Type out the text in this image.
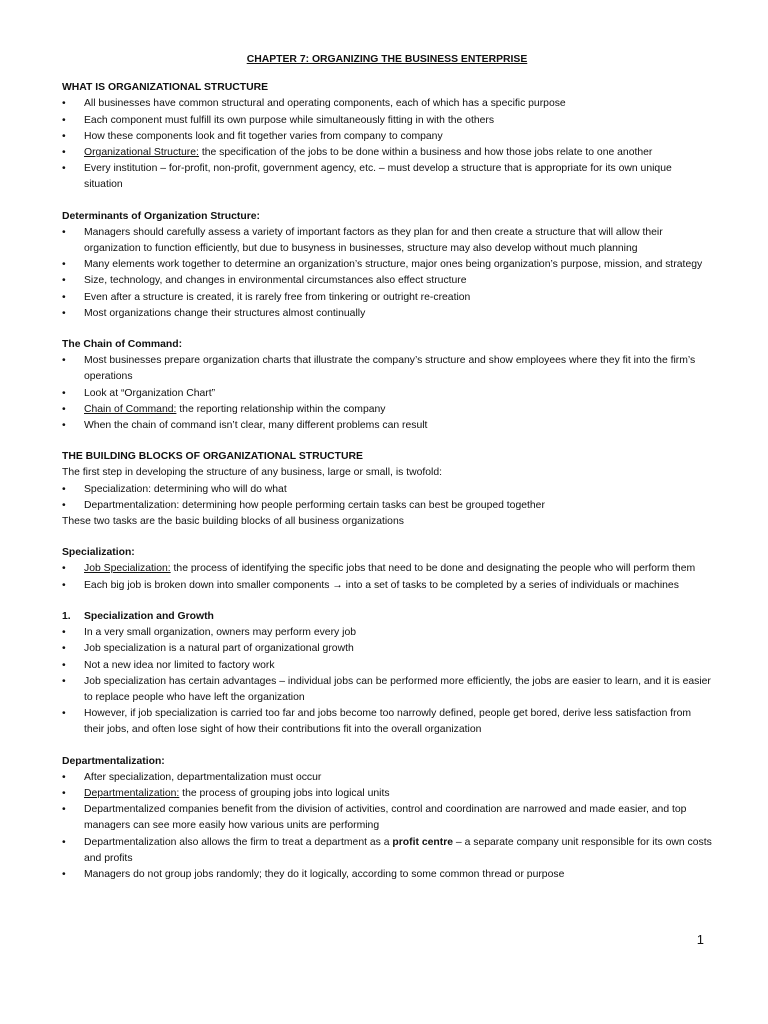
CHAPTER 7: ORGANIZING THE BUSINESS ENTERPRISE

WHAT IS ORGANIZATIONAL STRUCTURE
• All businesses have common structural and operating components, each of which has a specific purpose
• Each component must fulfill its own purpose while simultaneously fitting in with the others
• How these components look and fit together varies from company to company
• Organizational Structure: the specification of the jobs to be done within a business and how those jobs relate to one another
• Every institution – for-profit, non-profit, government agency, etc. – must develop a structure that is appropriate for its own unique situation
Determinants of Organization Structure:
• Managers should carefully assess a variety of important factors as they plan for and then create a structure that will allow their organization to function efficiently, but due to busyness in businesses, structure may also develop without much planning
• Many elements work together to determine an organization’s structure, major ones being organization’s purpose, mission, and strategy
• Size, technology, and changes in environmental circumstances also effect structure
• Even after a structure is created, it is rarely free from tinkering or outright re-creation
• Most organizations change their structures almost continually
The Chain of Command:
• Most businesses prepare organization charts that illustrate the company’s structure and show employees where they fit into the firm’s operations
• Look at “Organization Chart”
• Chain of Command: the reporting relationship within the company
• When the chain of command isn’t clear, many different problems can result
THE BUILDING BLOCKS OF ORGANIZATIONAL STRUCTURE

The first step in developing the structure of any business, large or small, is twofold:

• Specialization: determining who will do what
• Departmentalization: determining how people performing certain tasks can best be grouped together

These two tasks are the basic building blocks of all business organizations

Specialization:
• Job Specialization: the process of identifying the specific jobs that need to be done and designating the people who will perform them
• Each big job is broken down into smaller components → into a set of tasks to be completed by a series of individuals or machines
1. Specialization and Growth
• In a very small organization, owners may perform every job
• Job specialization is a natural part of organizational growth
• Not a new idea nor limited to factory work
• Job specialization has certain advantages – individual jobs can be performed more efficiently, the jobs are easier to learn, and it is easier to replace people who have left the organization
• However, if job specialization is carried too far and jobs become too narrowly defined, people get bored, derive less satisfaction from their jobs, and often lose sight of how their contributions fit into the overall organization
Departmentalization:
• After specialization, departmentalization must occur
• Departmentalization: the process of grouping jobs into logical units
• Departmentalized companies benefit from the division of activities, control and coordination are narrowed and made easier, and top managers can see more easily how various units are performing
• Departmentalization also allows the firm to treat a department as a profit centre – a separate company unit responsible for its own costs and profits
• Managers do not group jobs randomly; they do it logically, according to some common thread or purpose
1
